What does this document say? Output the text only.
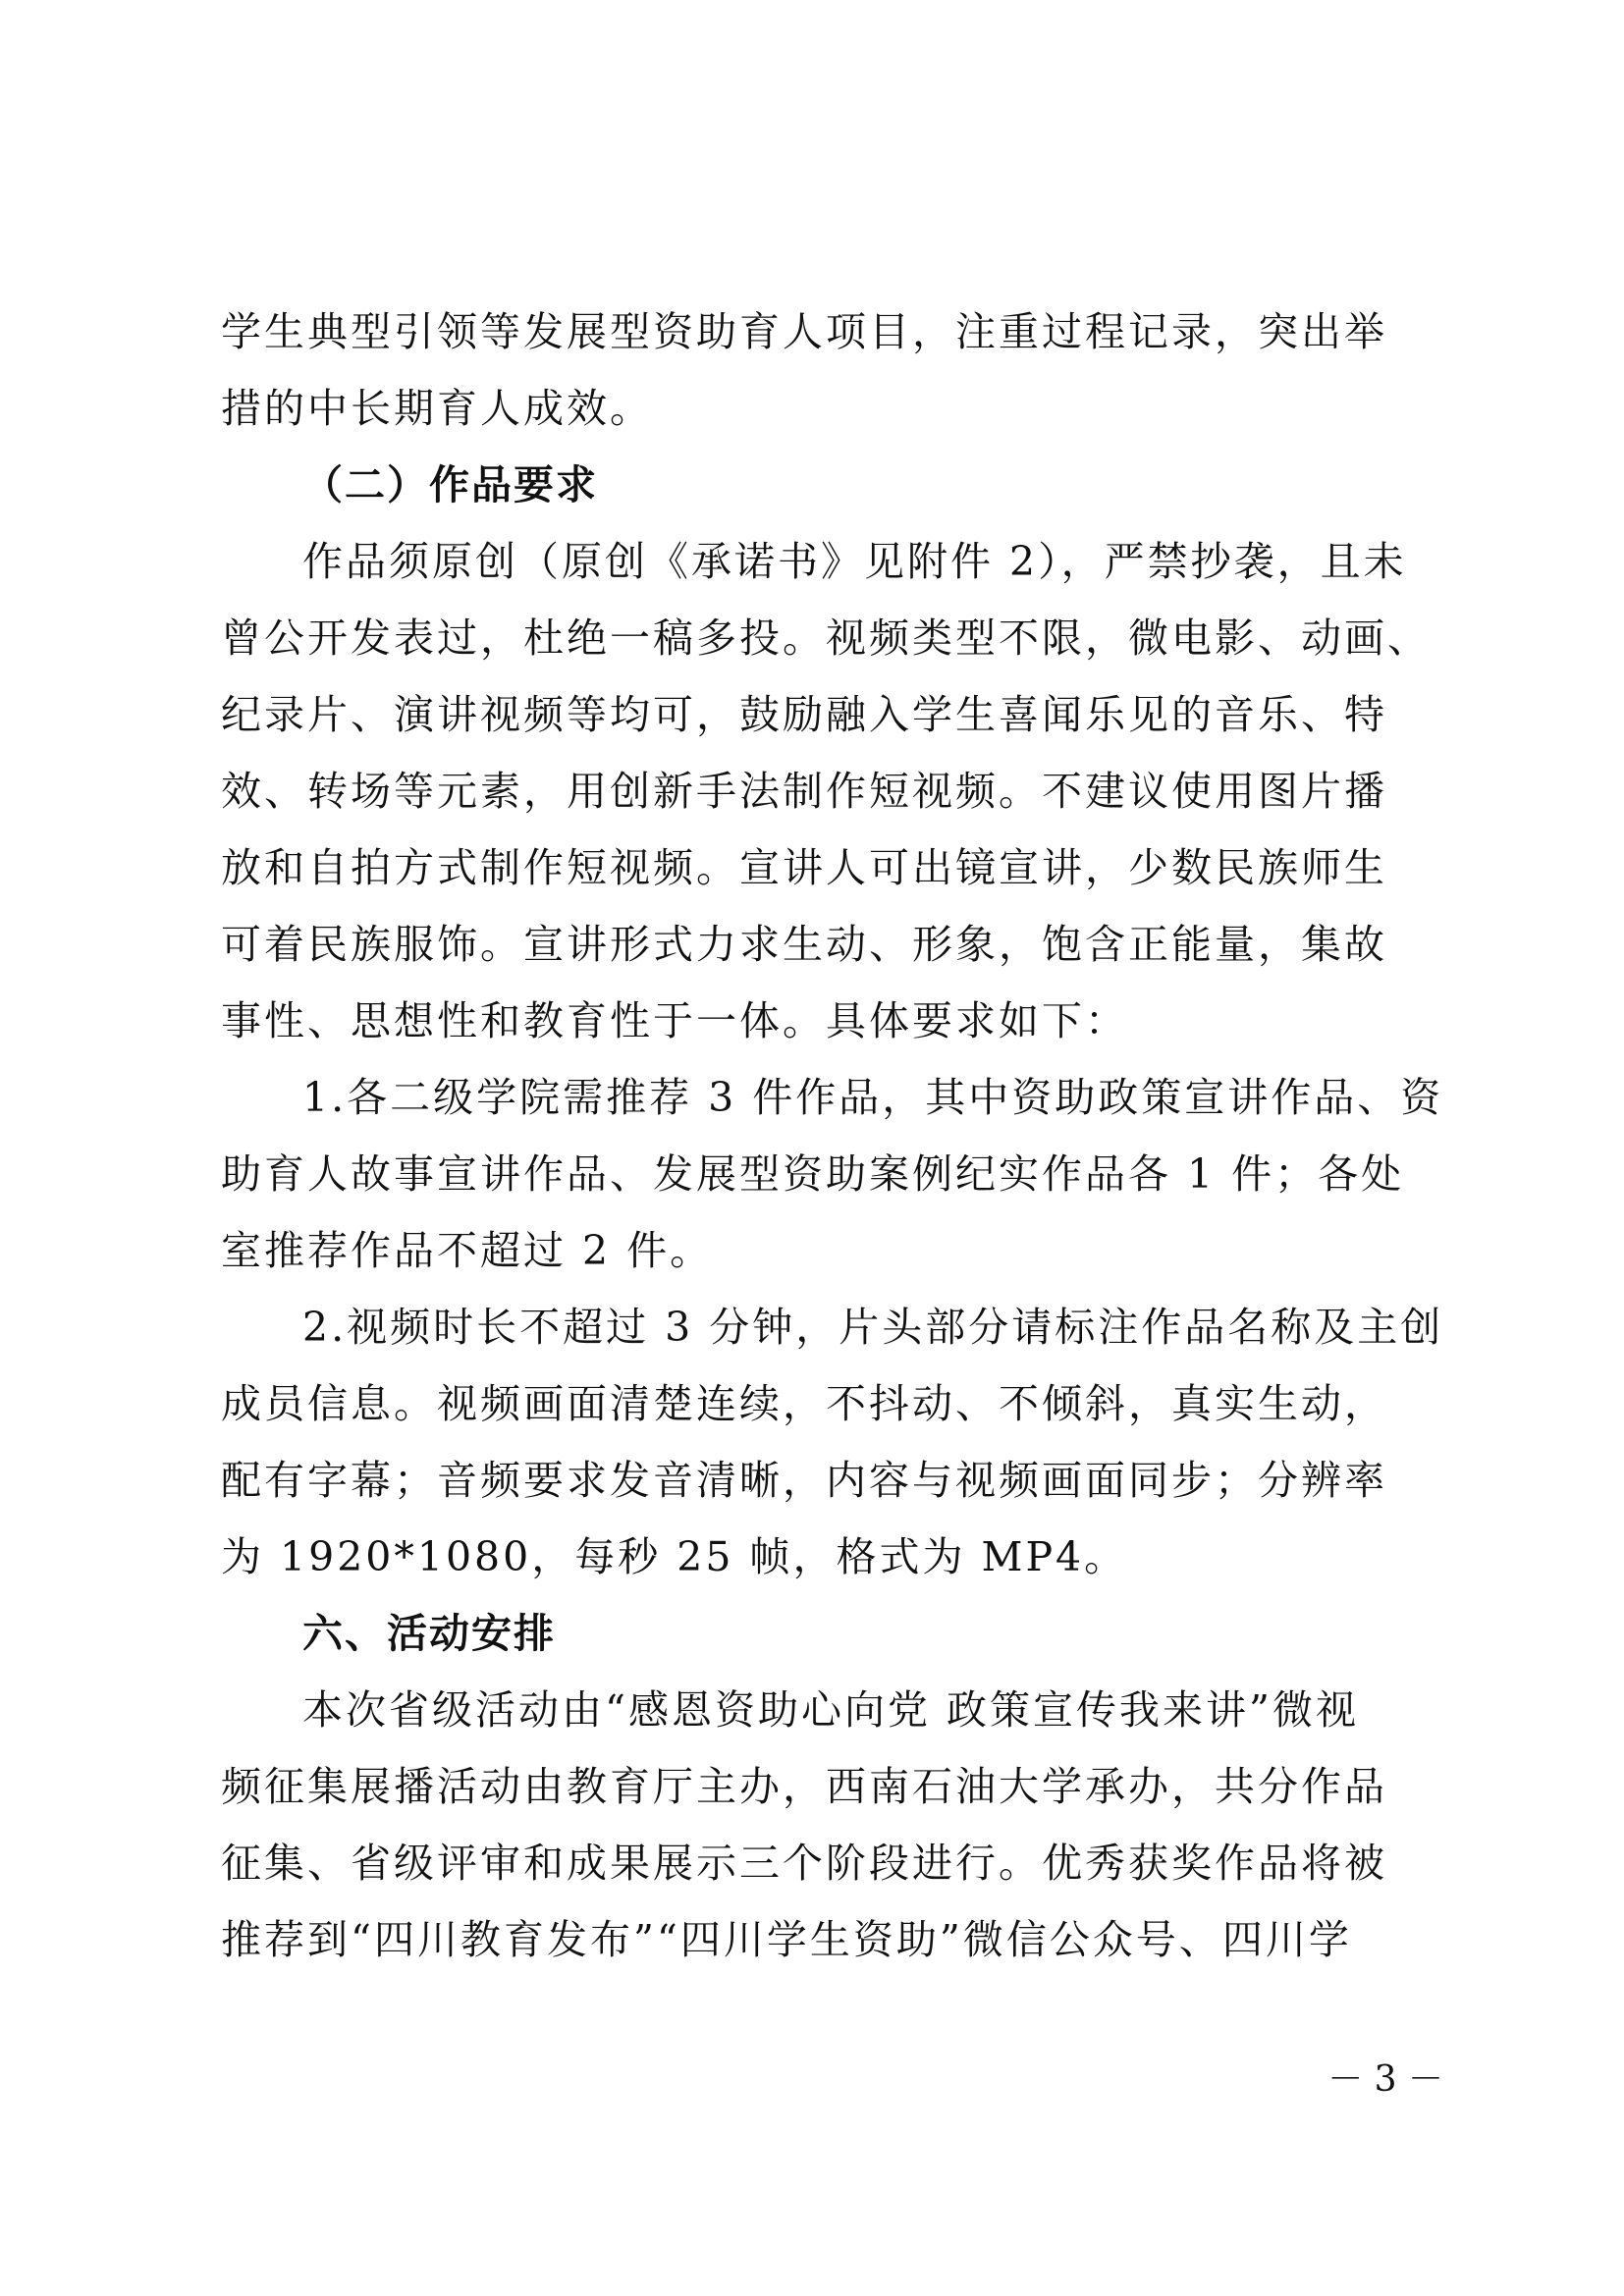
学生典型引领等发展型资助育人项目，注重过程记录，突出举
措的中长期育人成效。
（二）作品要求
作品须原创（原创《承诺书》见附件 2），严禁抄袭，且未
曾公开发表过，杜绝一稿多投。视频类型不限，微电影、动画、
纪录片、演讲视频等均可，鼓励融入学生喜闻乐见的音乐、特
效、转场等元素，用创新手法制作短视频。不建议使用图片播
放和自拍方式制作短视频。宣讲人可出镜宣讲，少数民族师生
可着民族服饰。宣讲形式力求生动、形象，饱含正能量，集故
事性、思想性和教育性于一体。具体要求如下：
1.各二级学院需推荐 3 件作品，其中资助政策宣讲作品、资
助育人故事宣讲作品、发展型资助案例纪实作品各 1 件；各处
室推荐作品不超过 2 件。
2.视频时长不超过 3 分钟，片头部分请标注作品名称及主创
成员信息。视频画面清楚连续，不抖动、不倾斜，真实生动，
配有字幕；音频要求发音清晰，内容与视频画面同步；分辨率
为 1920*1080，每秒 25 帧，格式为 MP4。
六、活动安排
本次省级活动由“感恩资助心向党 政策宣传我来讲”微视
频征集展播活动由教育厅主办，西南石油大学承办，共分作品
征集、省级评审和成果展示三个阶段进行。优秀获奖作品将被
推荐到“四川教育发布”“四川学生资助”微信公众号、四川学
－ 3 －
